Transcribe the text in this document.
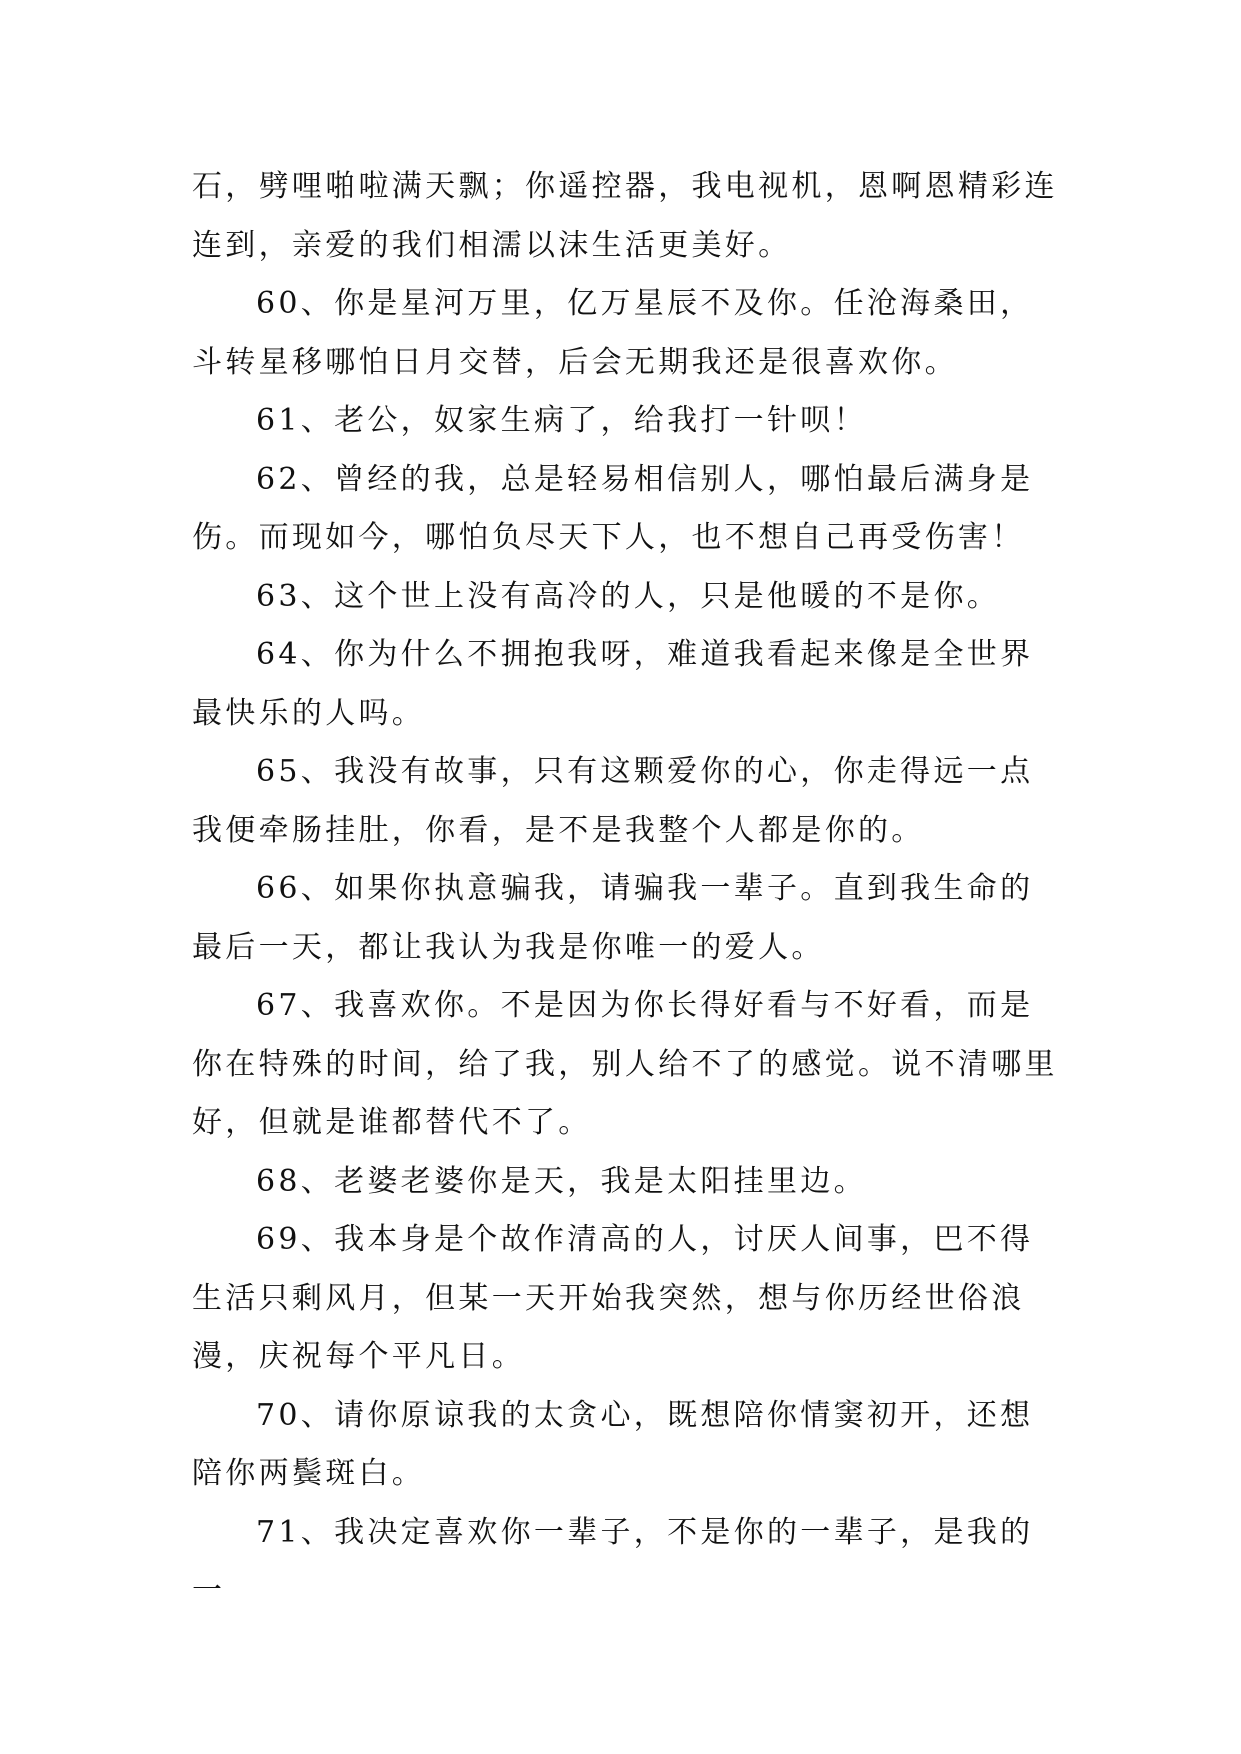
石，劈哩啪啦满天飘；你遥控器，我电视机，恩啊恩精彩连连到，亲爱的我们相濡以沫生活更美好。

60、你是星河万里，亿万星辰不及你。任沧海桑田，斗转星移哪怕日月交替，后会无期我还是很喜欢你。

61、老公，奴家生病了，给我打一针呗！

62、曾经的我，总是轻易相信别人，哪怕最后满身是伤。而现如今，哪怕负尽天下人，也不想自己再受伤害！

63、这个世上没有高冷的人，只是他暖的不是你。

64、你为什么不拥抱我呀，难道我看起来像是全世界最快乐的人吗。

65、我没有故事，只有这颗爱你的心，你走得远一点我便牵肠挂肚，你看，是不是我整个人都是你的。

66、如果你执意骗我，请骗我一辈子。直到我生命的最后一天，都让我认为我是你唯一的爱人。

67、我喜欢你。不是因为你长得好看与不好看，而是你在特殊的时间，给了我，别人给不了的感觉。说不清哪里好，但就是谁都替代不了。

68、老婆老婆你是天，我是太阳挂里边。

69、我本身是个故作清高的人，讨厌人间事，巴不得生活只剩风月，但某一天开始我突然，想与你历经世俗浪漫，庆祝每个平凡日。

70、请你原谅我的太贪心，既想陪你情窦初开，还想陪你两鬓斑白。

71、我决定喜欢你一辈子，不是你的一辈子，是我的一
